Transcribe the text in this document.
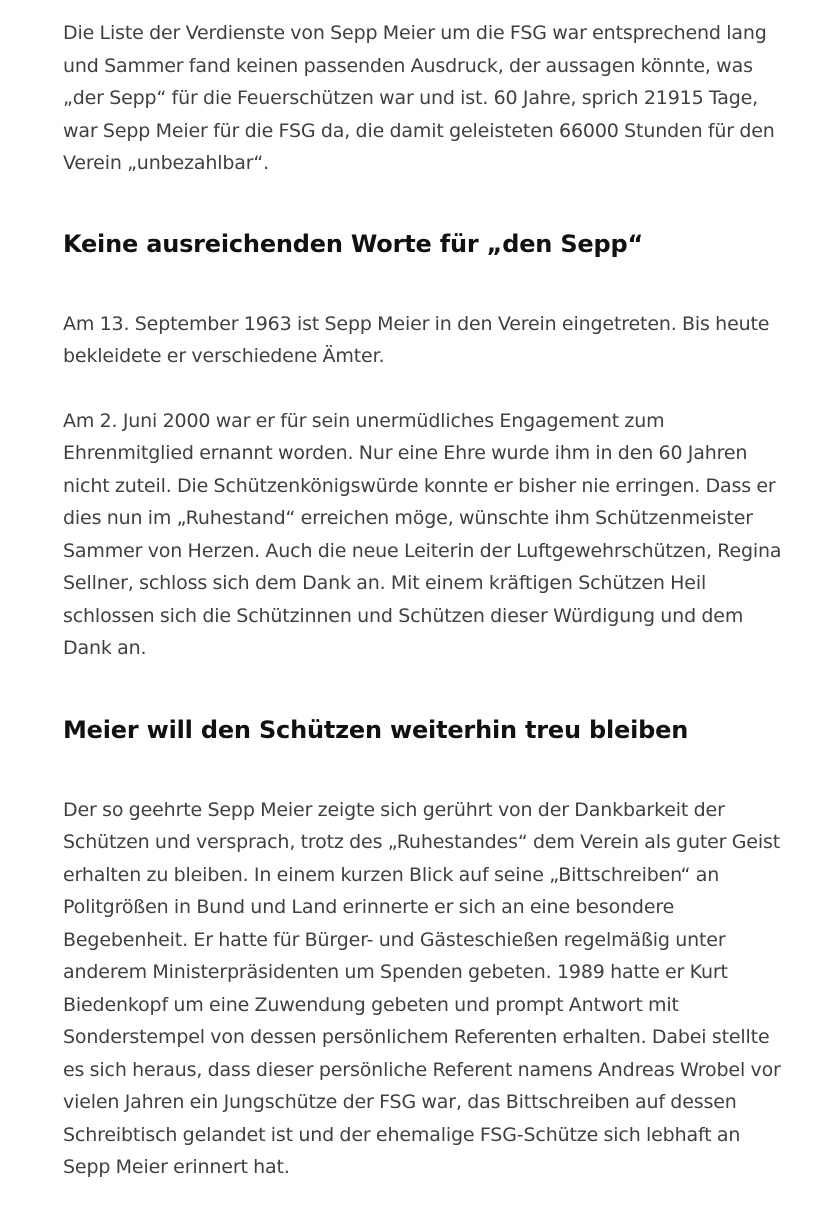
Die Liste der Verdienste von Sepp Meier um die FSG war entsprechend lang und Sammer fand keinen passenden Ausdruck, der aussagen könnte, was „der Sepp“ für die Feuerschützen war und ist. 60 Jahre, sprich 21915 Tage, war Sepp Meier für die FSG da, die damit geleisteten 66000 Stunden für den Verein „unbezahlbar“.

Keine ausreichenden Worte für „den Sepp“

Am 13. September 1963 ist Sepp Meier in den Verein eingetreten. Bis heute bekleidete er verschiedene Ämter.

Am 2. Juni 2000 war er für sein unermüdliches Engagement zum Ehrenmitglied ernannt worden. Nur eine Ehre wurde ihm in den 60 Jahren nicht zuteil. Die Schützenkönigswürde konnte er bisher nie erringen. Dass er dies nun im „Ruhestand“ erreichen möge, wünschte ihm Schützenmeister Sammer von Herzen. Auch die neue Leiterin der Luftgewehrschützen, Regina Sellner, schloss sich dem Dank an. Mit einem kräftigen Schützen Heil schlossen sich die Schützinnen und Schützen dieser Würdigung und dem Dank an.

Meier will den Schützen weiterhin treu bleiben

Der so geehrte Sepp Meier zeigte sich gerührt von der Dankbarkeit der Schützen und versprach, trotz des „Ruhestandes“ dem Verein als guter Geist erhalten zu bleiben. In einem kurzen Blick auf seine „Bittschreiben“ an Politgrößen in Bund und Land erinnerte er sich an eine besondere Begebenheit. Er hatte für Bürger- und Gästeschießen regelmäßig unter anderem Ministerpräsidenten um Spenden gebeten. 1989 hatte er Kurt Biedenkopf um eine Zuwendung gebeten und prompt Antwort mit Sonderstempel von dessen persönlichem Referenten erhalten. Dabei stellte es sich heraus, dass dieser persönliche Referent namens Andreas Wrobel vor vielen Jahren ein Jungschütze der FSG war, das Bittschreiben auf dessen Schreibtisch gelandet ist und der ehemalige FSG-Schütze sich lebhaft an Sepp Meier erinnert hat.
